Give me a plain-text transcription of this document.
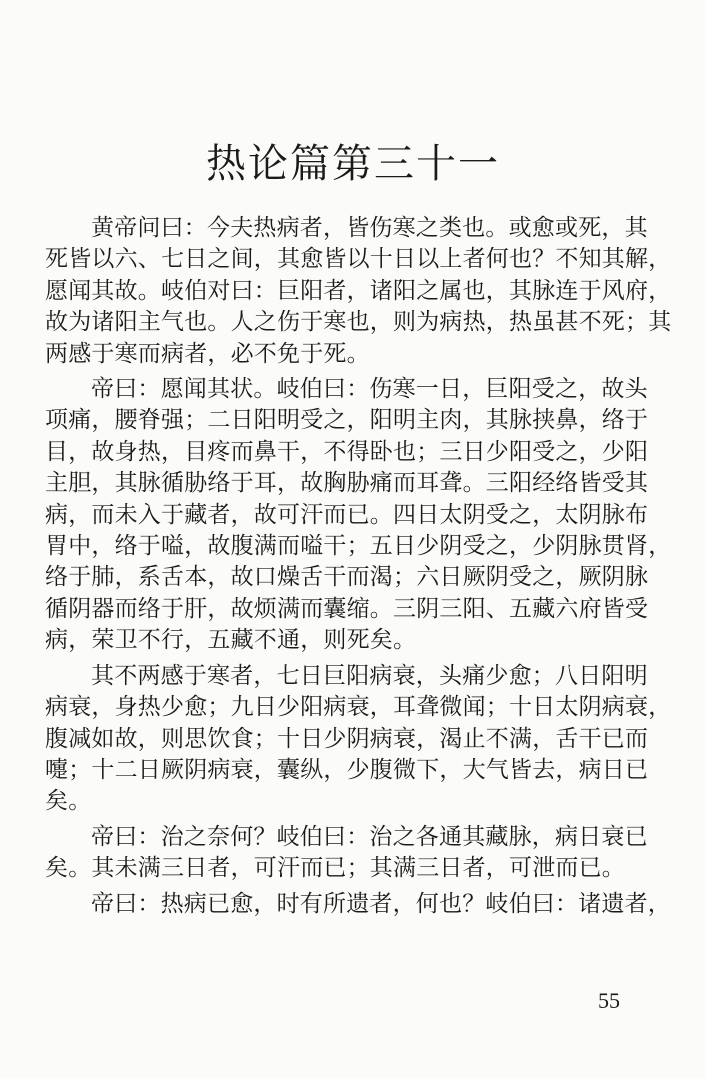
热论篇第三十一

黄帝问曰：今夫热病者，皆伤寒之类也。或愈或死，其
死皆以六、七日之间，其愈皆以十日以上者何也？不知其解，
愿闻其故。岐伯对曰：巨阳者，诸阳之属也，其脉连于风府，
故为诸阳主气也。人之伤于寒也，则为病热，热虽甚不死；其
两感于寒而病者，必不免于死。

帝曰：愿闻其状。岐伯曰：伤寒一日，巨阳受之，故头
项痛，腰脊强；二日阳明受之，阳明主肉，其脉挟鼻，络于
目，故身热，目疼而鼻干，不得卧也；三日少阳受之，少阳
主胆，其脉循胁络于耳，故胸胁痛而耳聋。三阳经络皆受其
病，而未入于藏者，故可汗而已。四日太阴受之，太阴脉布
胃中，络于嗌，故腹满而嗌干；五日少阴受之，少阴脉贯肾，
络于肺，系舌本，故口燥舌干而渴；六日厥阴受之，厥阴脉
循阴器而络于肝，故烦满而囊缩。三阴三阳、五藏六府皆受
病，荣卫不行，五藏不通，则死矣。

其不两感于寒者，七日巨阳病衰，头痛少愈；八日阳明
病衰，身热少愈；九日少阳病衰，耳聋微闻；十日太阴病衰，
腹减如故，则思饮食；十日少阴病衰，渴止不满，舌干已而
嚏；十二日厥阴病衰，囊纵，少腹微下，大气皆去，病日已
矣。

帝曰：治之奈何？岐伯曰：治之各通其藏脉，病日衰已
矣。其未满三日者，可汗而已；其满三日者，可泄而已。

帝曰：热病已愈，时有所遗者，何也？岐伯曰：诸遗者，

55
